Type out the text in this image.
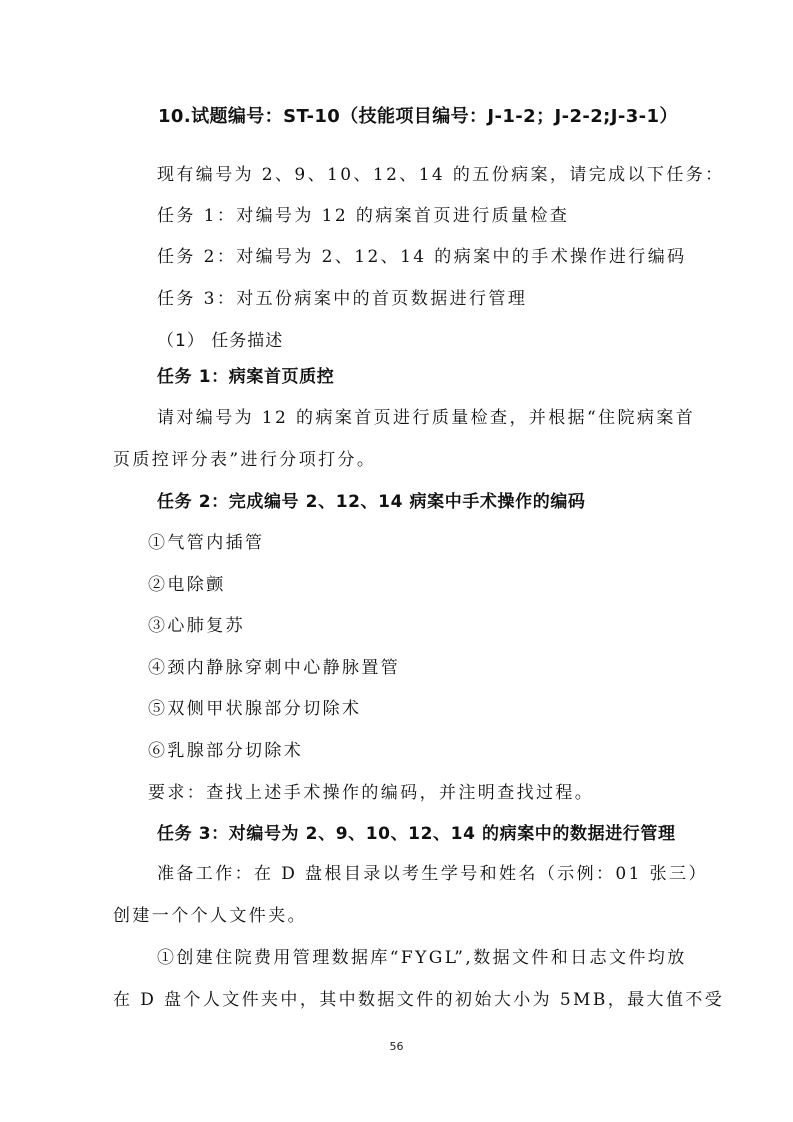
10.试题编号：ST-10（技能项目编号：J-1-2；J-2-2;J-3-1）
现有编号为 2、9、10、12、14 的五份病案，请完成以下任务：
任务 1：对编号为 12 的病案首页进行质量检查
任务 2：对编号为 2、12、14 的病案中的手术操作进行编码
任务 3：对五份病案中的首页数据进行管理
（1） 任务描述
任务 1：病案首页质控
请对编号为 12 的病案首页进行质量检查，并根据“住院病案首
页质控评分表”进行分项打分。
任务 2：完成编号 2、12、14 病案中手术操作的编码
①气管内插管
②电除颤
③心肺复苏
④颈内静脉穿刺中心静脉置管
⑤双侧甲状腺部分切除术
⑥乳腺部分切除术
要求：查找上述手术操作的编码，并注明查找过程。
任务 3：对编号为 2、9、10、12、14 的病案中的数据进行管理
准备工作：在 D 盘根目录以考生学号和姓名（示例：01 张三）
创建一个个人文件夹。
①创建住院费用管理数据库“FYGL”,数据文件和日志文件均放
在 D 盘个人文件夹中，其中数据文件的初始大小为 5MB，最大值不受
56
